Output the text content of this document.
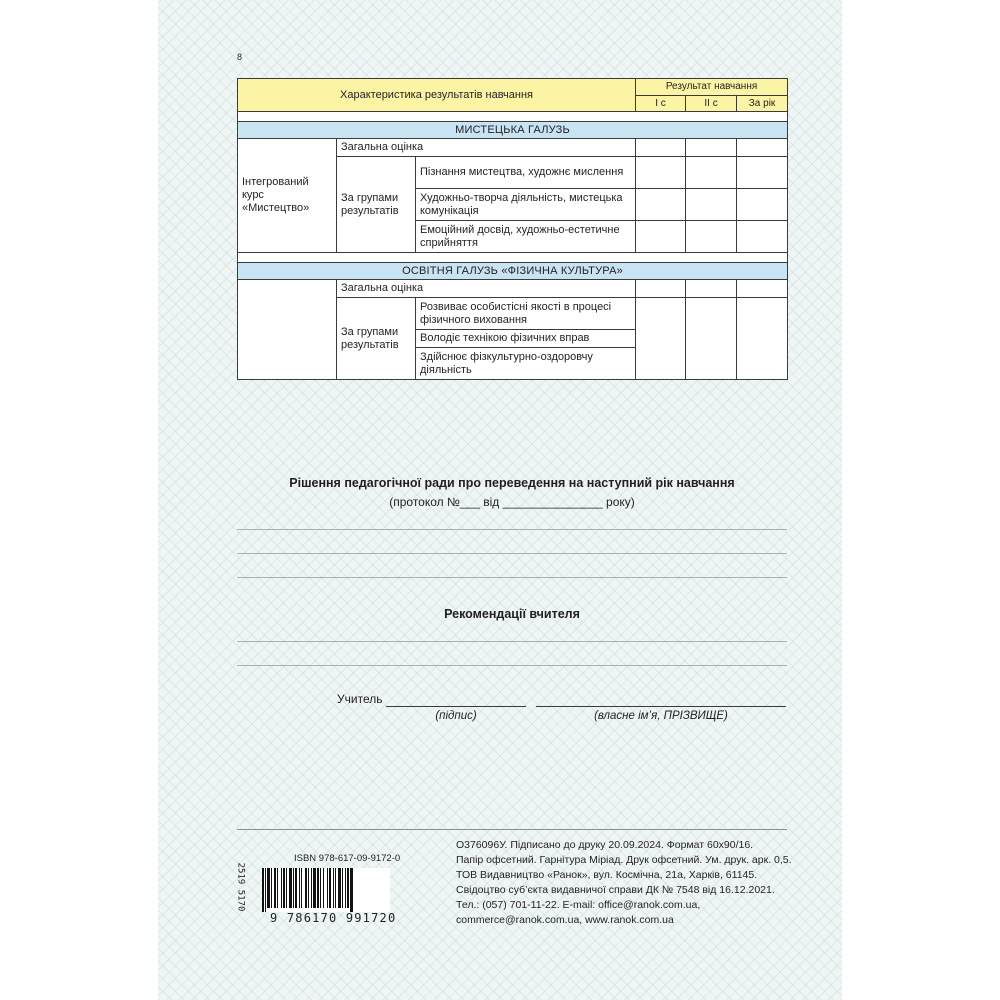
8
Характеристика результатів навчання			Результат навчання		
			I с	II с	За рік

МИСТЕЦЬКА ГАЛУЗЬ					
Інтегрований курс «Мистецтво»	Загальна оцінка				
	За групами результатів	Пізнання мистецтва, художнє мислення			
		Художньо-творча діяльність, мистецька комунікація			
		Емоційний досвід, художньо-естетичне сприйняття			

ОСВІТНЯ ГАЛУЗЬ «ФІЗИЧНА КУЛЬТУРА»					
	Загальна оцінка				
	За групами результатів	Розвиває особистісні якості в процесі фізичного виховання			
		Володіє технікою фізичних вправ			
		Здійснює фізкультурно-оздоровчу діяльність			
Рішення педагогічної ради про переведення на наступний рік навчання
(протокол №___ від _______________ року)
Рекомендації вчителя
Учитель
(підпис)	(власне ім’я, ПРІЗВИЩЕ)
2519 5170
ISBN 978-617-09-9172-0
9 786170 991720
О376096У. Підписано до друку 20.09.2024. Формат 60х90/16.
Папір офсетний. Гарнітура Міріад. Друк офсетний. Ум. друк. арк. 0,5.
ТОВ Видавництво «Ранок», вул. Космічна, 21а, Харків, 61145.
Свідоцтво суб’єкта видавничої справи ДК № 7548 від 16.12.2021.
Тел.: (057) 701-11-22. E-mail: office@ranok.com.ua,
commerce@ranok.com.ua, www.ranok.com.ua
